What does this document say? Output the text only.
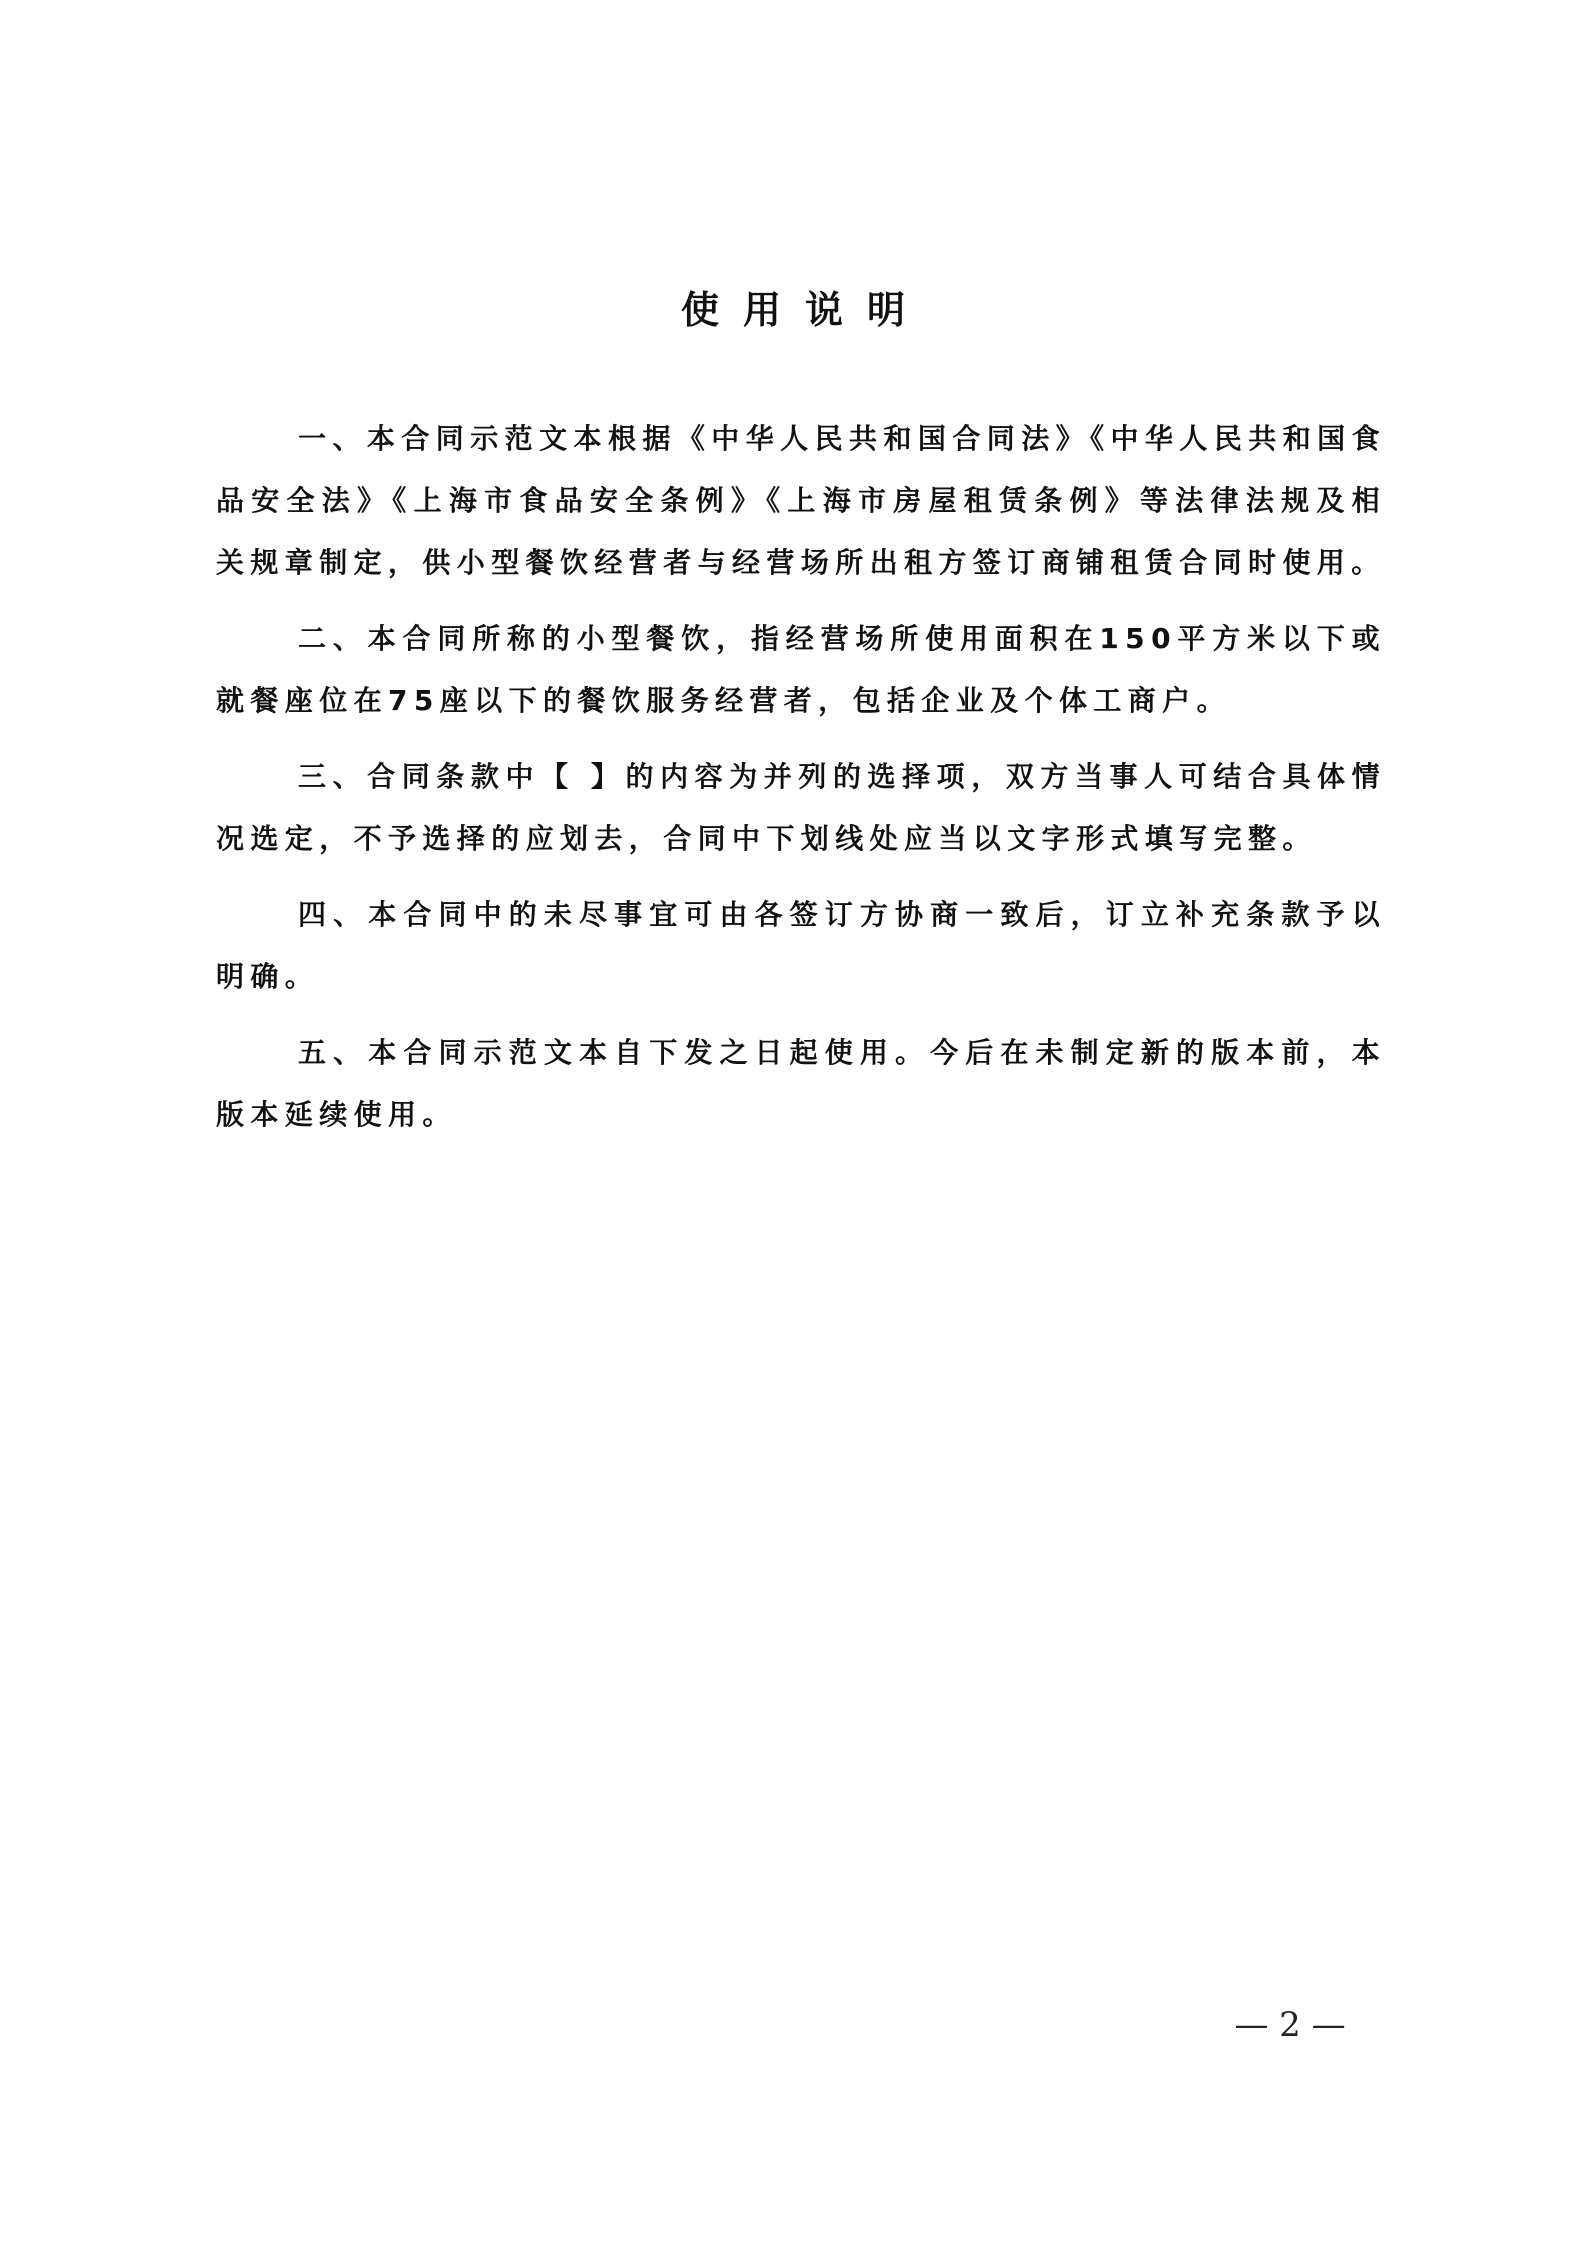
使用说明

一、本合同示范文本根据《中华人民共和国合同法》《中华人民共和国食品安全法》《上海市食品安全条例》《上海市房屋租赁条例》等法律法规及相关规章制定，供小型餐饮经营者与经营场所出租方签订商铺租赁合同时使用。

二、本合同所称的小型餐饮，指经营场所使用面积在150平方米以下或就餐座位在75座以下的餐饮服务经营者，包括企业及个体工商户。

三、合同条款中【 】的内容为并列的选择项，双方当事人可结合具体情况选定，不予选择的应划去，合同中下划线处应当以文字形式填写完整。

四、本合同中的未尽事宜可由各签订方协商一致后，订立补充条款予以明确。

五、本合同示范文本自下发之日起使用。今后在未制定新的版本前，本版本延续使用。

— 2 —
